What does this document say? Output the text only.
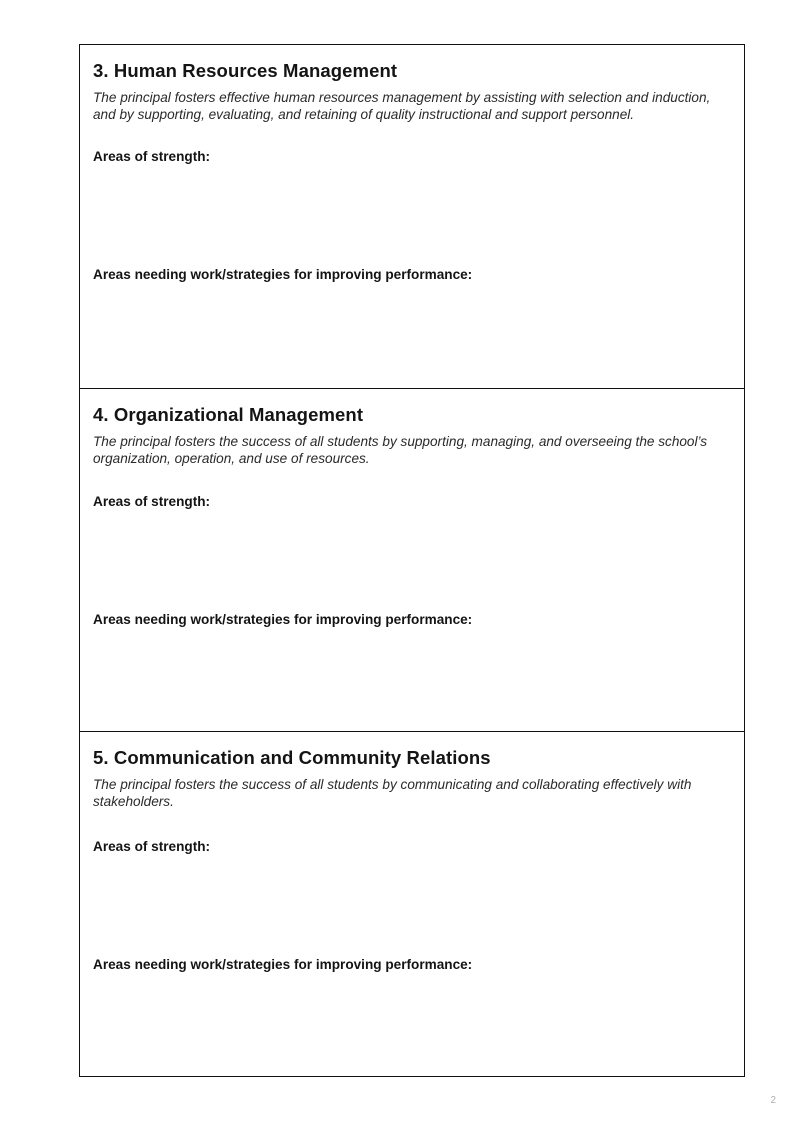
3. Human Resources Management

The principal fosters effective human resources management by assisting with selection and induction, and by supporting, evaluating, and retaining of quality instructional and support personnel.

Areas of strength:

Areas needing work/strategies for improving performance:

4. Organizational Management

The principal fosters the success of all students by supporting, managing, and overseeing the school’s organization, operation, and use of resources.

Areas of strength:

Areas needing work/strategies for improving performance:

5. Communication and Community Relations

The principal fosters the success of all students by communicating and collaborating effectively with stakeholders.

Areas of strength:

Areas needing work/strategies for improving performance:

2
